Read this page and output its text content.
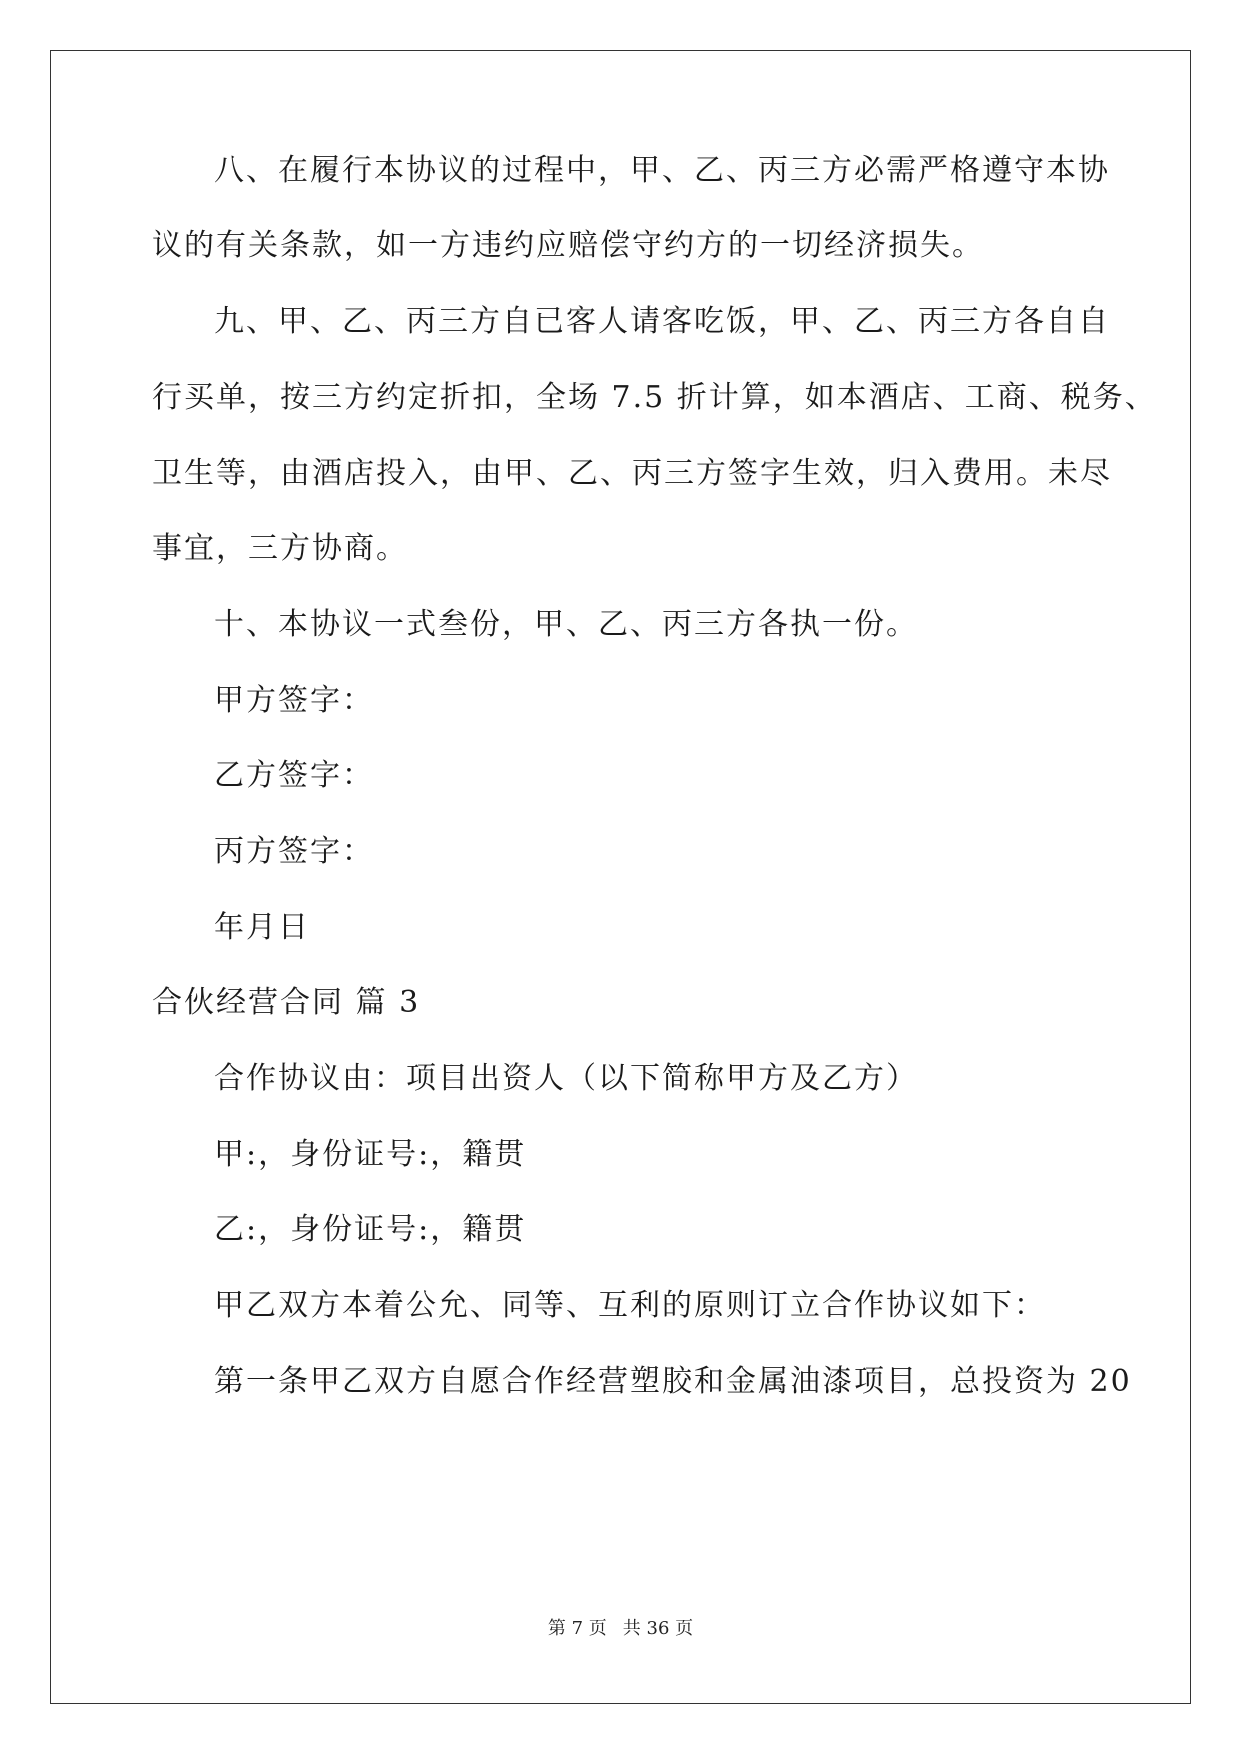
八、在履行本协议的过程中，甲、乙、丙三方必需严格遵守本协
议的有关条款，如一方违约应赔偿守约方的一切经济损失。
九、甲、乙、丙三方自已客人请客吃饭，甲、乙、丙三方各自自
行买单，按三方约定折扣，全场 7.5 折计算，如本酒店、工商、税务、
卫生等，由酒店投入，由甲、乙、丙三方签字生效，归入费用。未尽
事宜，三方协商。
十、本协议一式叁份，甲、乙、丙三方各执一份。
甲方签字：
乙方签字：
丙方签字：
年月日
合伙经营合同 篇 3
合作协议由：项目出资人（以下简称甲方及乙方）
甲:，身份证号:，籍贯
乙:，身份证号:，籍贯
甲乙双方本着公允、同等、互利的原则订立合作协议如下：
第一条甲乙双方自愿合作经营塑胶和金属油漆项目，总投资为 20
第 7 页 共 36 页
